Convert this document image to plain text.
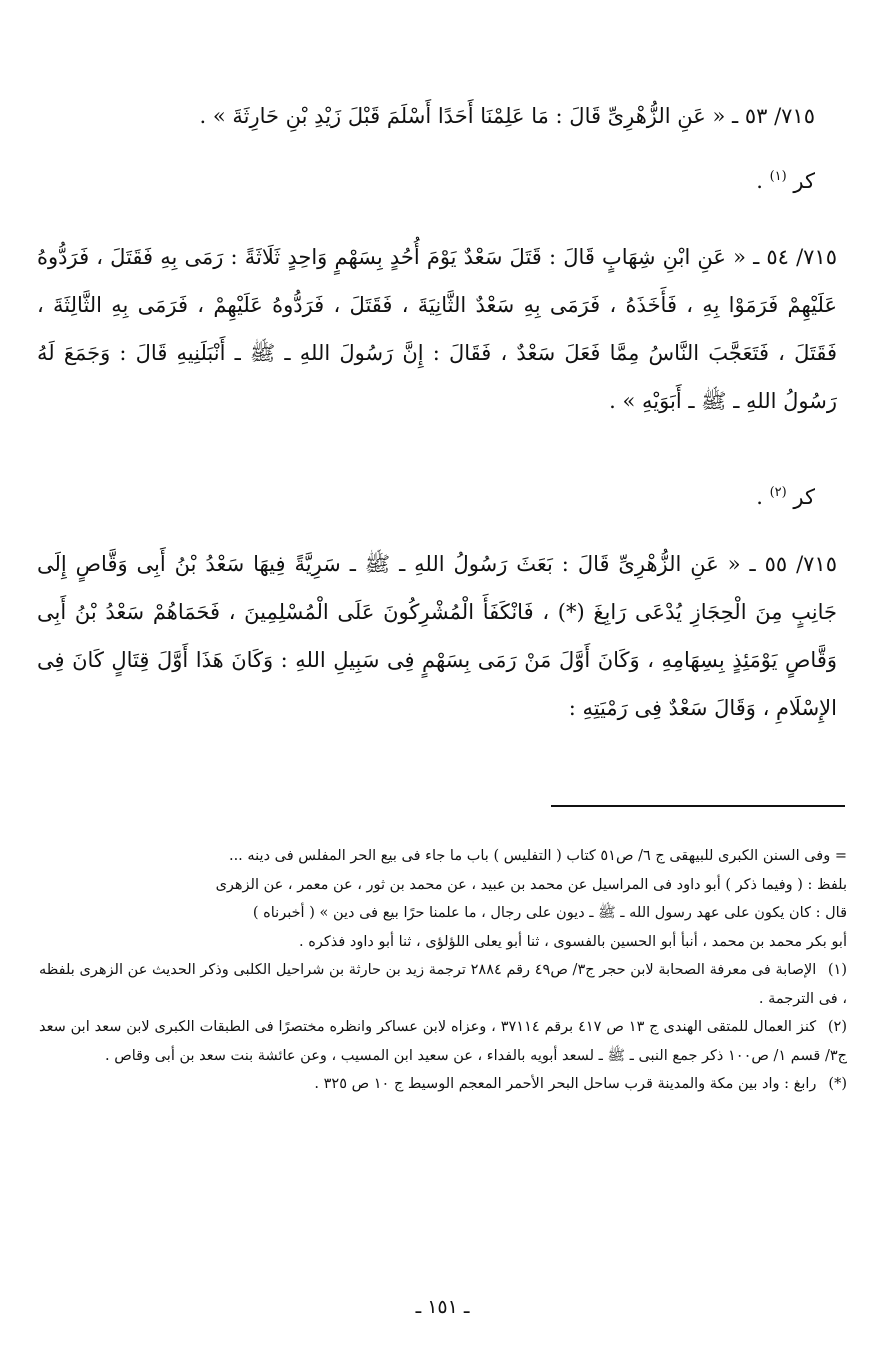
٧١٥/ ٥٣ ـ « عَنِ الزُّهْرِىِّ قَالَ : مَا عَلِمْنَا أَحَدًا أَسْلَمَ قَبْلَ زَيْدِ بْنِ حَارِثَةَ » .

كر $^{(١)}$ .

٧١٥/ ٥٤ ـ « عَنِ ابْنِ شِهَابٍ قَالَ : قَتَلَ سَعْدٌ يَوْمَ أُحُدٍ بِسَهْمٍ وَاحِدٍ ثَلَاثَةً : رَمَى بِهِ فَقَتَلَ ، فَرَدُّوهُ عَلَيْهِمْ فَرَمَوْا بِهِ ، فَأَخَذَهُ ، فَرَمَى بِهِ سَعْدٌ الثَّانِيَةَ ، فَقَتَلَ ، فَرَدُّوهُ عَلَيْهِمْ ، فَرَمَى بِهِ الثَّالِثَةَ ، فَقَتَلَ ، فَتَعَجَّبَ النَّاسُ مِمَّا فَعَلَ سَعْدٌ ، فَقَالَ : إِنَّ رَسُولَ اللهِ ـ ﷺ ـ أَنْبَلَنِيهِ قَالَ : وَجَمَعَ لَهُ رَسُولُ اللهِ ـ ﷺ ـ أَبَوَيْهِ » .

كر $^{(٢)}$ .

٧١٥/ ٥٥ ـ « عَنِ الزُّهْرِىِّ قَالَ : بَعَثَ رَسُولُ اللهِ ـ ﷺ ـ سَرِيَّةً فِيهَا سَعْدُ بْنُ أَبِى وَقَّاصٍ إِلَى جَانِبٍ مِنَ الْحِجَازِ يُدْعَى رَابِغَ (*) ، فَانْكَفَأَ الْمُشْرِكُونَ عَلَى الْمُسْلِمِينَ ، فَحَمَاهُمْ سَعْدُ بْنُ أَبِى وَقَّاصٍ يَوْمَئِذٍ بِسِهَامِهِ ، وَكَانَ أَوَّلَ مَنْ رَمَى بِسَهْمٍ فِى سَبِيلِ اللهِ : وَكَانَ هَذَا أَوَّلَ قِتَالٍ كَانَ فِى الإِسْلَامِ ، وَقَالَ سَعْدٌ فِى رَمْيَتِهِ :

= وفى السنن الكبرى للبيهقى ج ٦/ ص٥١ كتاب ( التفليس ) باب ما جاء فى بيع الحر المفلس فى دينه ...

بلفظ : ( وفيما ذكر ) أبو داود فى المراسيل عن محمد بن عبيد ، عن محمد بن ثور ، عن معمر ، عن الزهرى

قال : كان يكون على عهد رسول الله ـ ﷺ ـ ديون على رجال ، ما علمنا حرًا بيع فى دين » ( أخبرناه )

أبو بكر محمد بن محمد ، أنبأ أبو الحسين بالفسوى ، ثنا أبو يعلى اللؤلؤى ، ثنا أبو داود فذكره .

(١) الإصابة فى معرفة الصحابة لابن حجر ج٣/ ص٤٩ رقم ٢٨٨٤ ترجمة زيد بن حارثة بن شراحيل الكلبى وذكر الحديث عن الزهرى بلفظه ، فى الترجمة .

(٢) كنز العمال للمتقى الهندى ج ١٣ ص ٤١٧ برقم ٣٧١١٤ ، وعزاه لابن عساكر وانظره مختصرًا فى الطبقات الكبرى لابن سعد ابن سعد ج٣/ قسم ١/ ص١٠٠ ذكر جمع النبى ـ ﷺ ـ لسعد أبويه بالفداء ، عن سعيد ابن المسيب ، وعن عائشة بنت سعد بن أبى وقاص .

(*) رابغ : واد بين مكة والمدينة قرب ساحل البحر الأحمر المعجم الوسيط ج ١٠ ص ٣٢٥ .

ـ ١٥١ ـ
